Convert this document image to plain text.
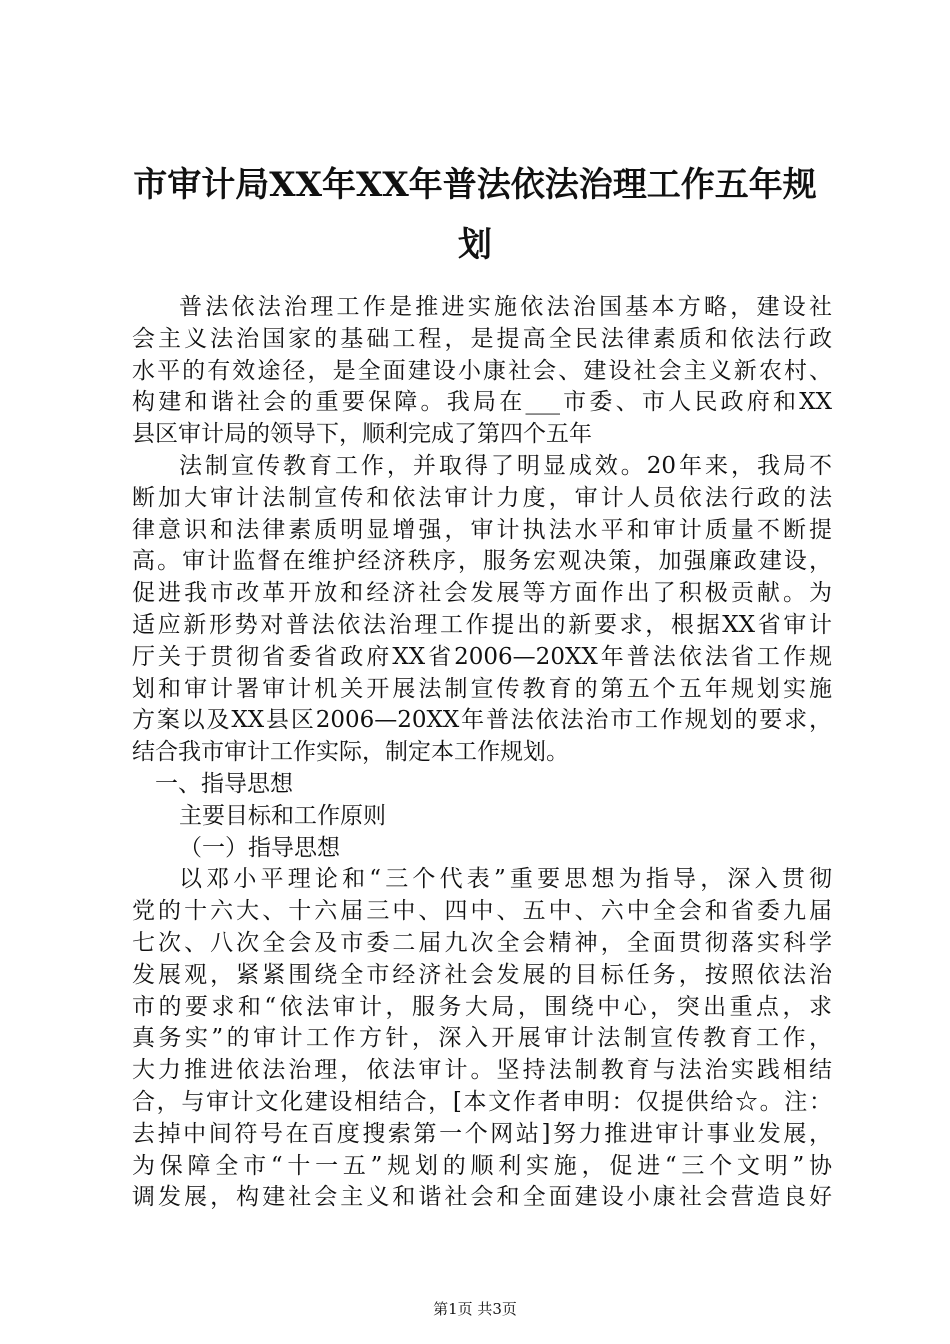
市审计局XX年XX年普法依法治理工作五年规
划
普法依法治理工作是推进实施依法治国基本方略，建设社
会主义法治国家的基础工程，是提高全民法律素质和依法行政
水平的有效途径，是全面建设小康社会、建设社会主义新农村、
构建和谐社会的重要保障。我局在___市委、市人民政府和XX
县区审计局的领导下，顺利完成了第四个五年
法制宣传教育工作，并取得了明显成效。20年来，我局不
断加大审计法制宣传和依法审计力度，审计人员依法行政的法
律意识和法律素质明显增强，审计执法水平和审计质量不断提
高。审计监督在维护经济秩序，服务宏观决策，加强廉政建设，
促进我市改革开放和经济社会发展等方面作出了积极贡献。为
适应新形势对普法依法治理工作提出的新要求，根据XX省审计
厅关于贯彻省委省政府XX省2006—20XX年普法依法省工作规
划和审计署审计机关开展法制宣传教育的第五个五年规划实施
方案以及XX县区2006—20XX年普法依法治市工作规划的要求，
结合我市审计工作实际，制定本工作规划。
一、指导思想
主要目标和工作原则
（一）指导思想
以邓小平理论和“三个代表”重要思想为指导，深入贯彻
党的十六大、十六届三中、四中、五中、六中全会和省委九届
七次、八次全会及市委二届九次全会精神，全面贯彻落实科学
发展观，紧紧围绕全市经济社会发展的目标任务，按照依法治
市的要求和“依法审计，服务大局，围绕中心，突出重点，求
真务实”的审计工作方针，深入开展审计法制宣传教育工作，
大力推进依法治理，依法审计。坚持法制教育与法治实践相结
合，与审计文化建设相结合，[本文作者申明：仅提供给☆。注：
去掉中间符号在百度搜索第一个网站]努力推进审计事业发展，
为保障全市“十一五”规划的顺利实施，促进“三个文明”协
调发展，构建社会主义和谐社会和全面建设小康社会营造良好
第1页 共3页
